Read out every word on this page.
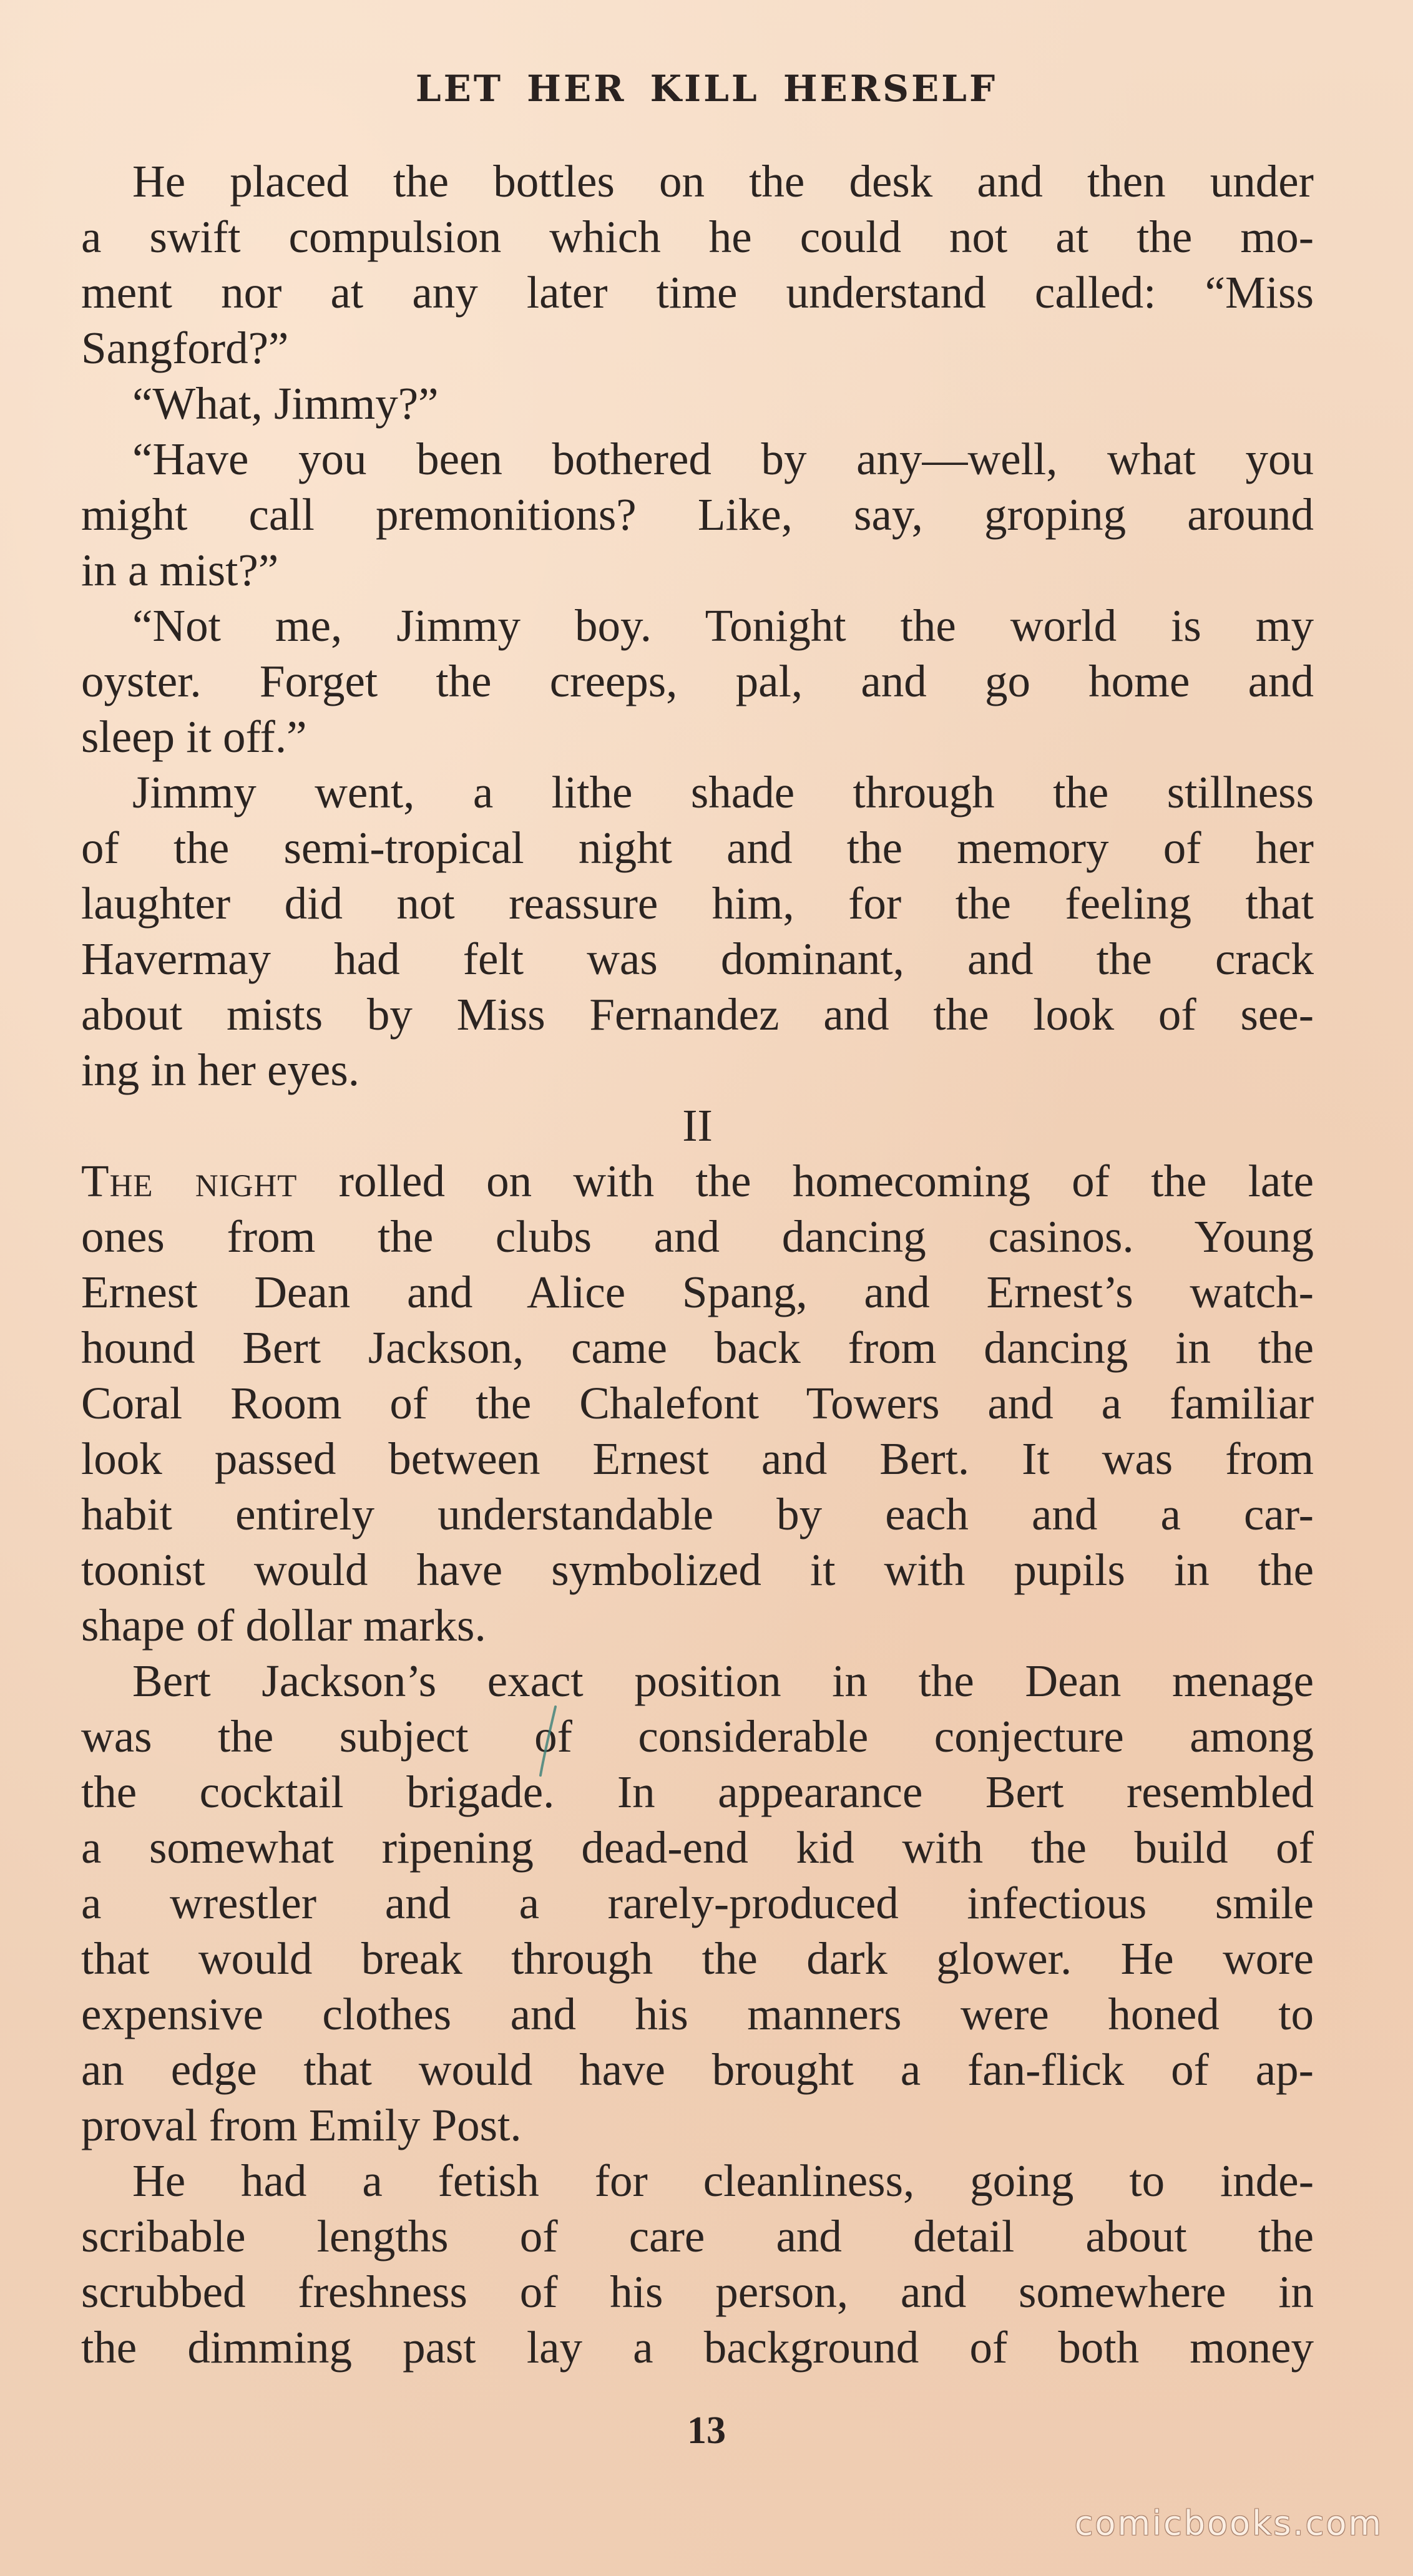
LET HER KILL HERSELF
He placed the bottles on the desk and then under
a swift compulsion which he could not at the mo-
ment nor at any later time understand called: “Miss
Sangford?”
“What, Jimmy?”
“Have you been bothered by any—well, what you
might call premonitions? Like, say, groping around
in a mist?”
“Not me, Jimmy boy. Tonight the world is my
oyster. Forget the creeps, pal, and go home and
sleep it off.”
Jimmy went, a lithe shade through the stillness
of the semi-tropical night and the memory of her
laughter did not reassure him, for the feeling that
Havermay had felt was dominant, and the crack
about mists by Miss Fernandez and the look of see-
ing in her eyes.
II
The night rolled on with the homecoming of the late
ones from the clubs and dancing casinos. Young
Ernest Dean and Alice Spang, and Ernest’s watch-
hound Bert Jackson, came back from dancing in the
Coral Room of the Chalefont Towers and a familiar
look passed between Ernest and Bert. It was from
habit entirely understandable by each and a car-
toonist would have symbolized it with pupils in the
shape of dollar marks.
Bert Jackson’s exact position in the Dean menage
was the subject of considerable conjecture among
the cocktail brigade. In appearance Bert resembled
a somewhat ripening dead-end kid with the build of
a wrestler and a rarely-produced infectious smile
that would break through the dark glower. He wore
expensive clothes and his manners were honed to
an edge that would have brought a fan-flick of ap-
proval from Emily Post.
He had a fetish for cleanliness, going to inde-
scribable lengths of care and detail about the
scrubbed freshness of his person, and somewhere in
the dimming past lay a background of both money
13
comicbooks.com
